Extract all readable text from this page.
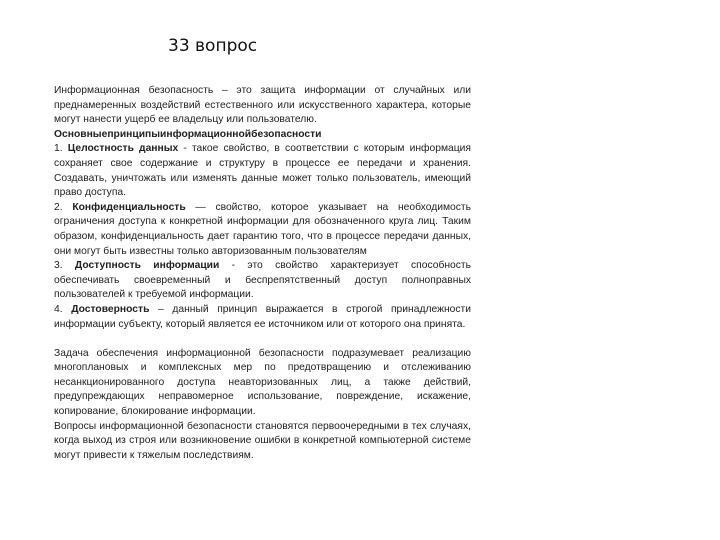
33 вопрос

Информационная безопасность – это защита информации от случайных или преднамеренных воздействий естественного или искусственного характера, которые могут нанести ущерб ее владельцу или пользователю.

Основныепринципыинформационнойбезопасности

1. Целостность данных - такое свойство, в соответствии с которым информация сохраняет свое содержание и структуру в процессе ее передачи и хранения. Создавать, уничтожать или изменять данные может только пользователь, имеющий право доступа.

2. Конфиденциальность — свойство, которое указывает на необходимость ограничения доступа к конкретной информации для обозначенного круга лиц. Таким образом, конфиденциальность дает гарантию того, что в процессе передачи данных, они могут быть известны только авторизованным пользователям

3. Доступность информации - это свойство характеризует способность обеспечивать своевременный и беспрепятственный доступ полноправных пользователей к требуемой информации.

4. Достоверность – данный принцип выражается в строгой принадлежности информации субъекту, который является ее источником или от которого она принята.

Задача обеспечения информационной безопасности подразумевает реализацию многоплановых и комплексных мер по предотвращению и отслеживанию несанкционированного доступа неавторизованных лиц, а также действий, предупреждающих неправомерное использование, повреждение, искажение, копирование, блокирование информации.

Вопросы информационной безопасности становятся первоочередными в тех случаях, когда выход из строя или возникновение ошибки в конкретной компьютерной системе могут привести к тяжелым последствиям.
